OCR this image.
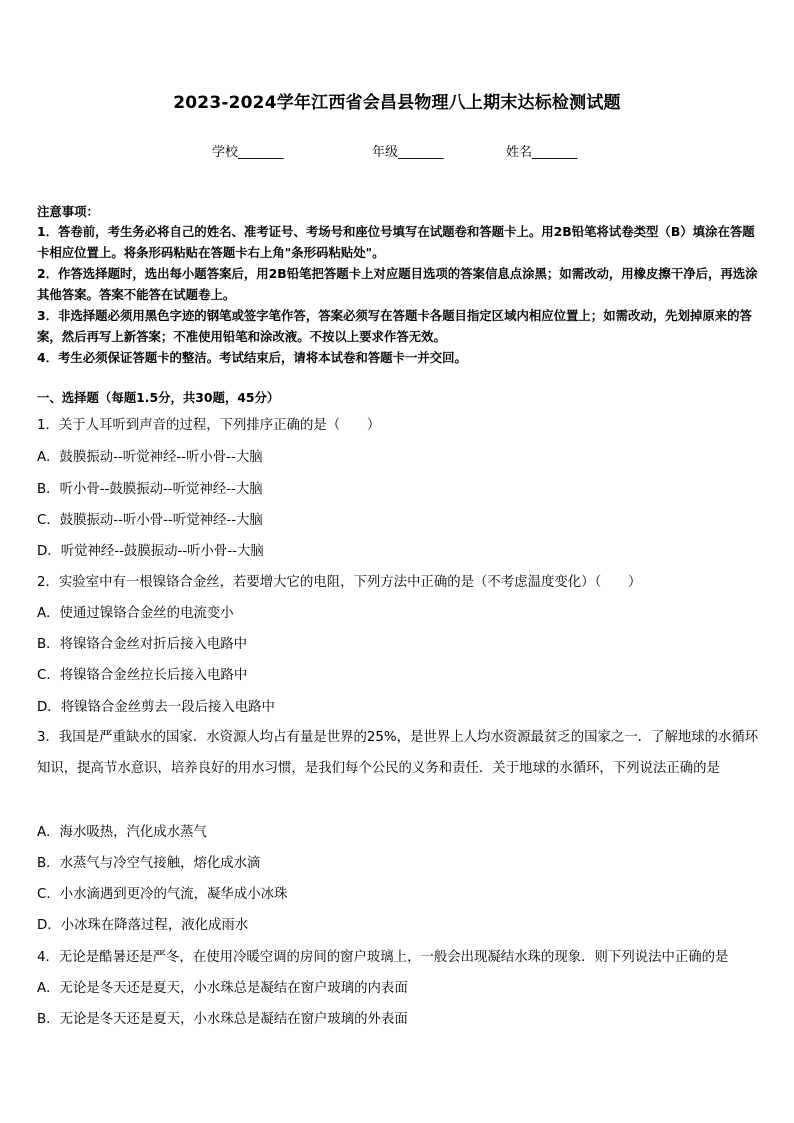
2023-2024学年江西省会昌县物理八上期末达标检测试题
学校_______	年级_______	姓名_______
注意事项：

1．答卷前，考生务必将自己的姓名、准考证号、考场号和座位号填写在试题卷和答题卡上。用2B铅笔将试卷类型（B）填涂在答题卡相应位置上。将条形码粘贴在答题卡右上角"条形码粘贴处"。

2．作答选择题时，选出每小题答案后，用2B铅笔把答题卡上对应题目选项的答案信息点涂黑；如需改动，用橡皮擦干净后，再选涂其他答案。答案不能答在试题卷上。

3．非选择题必须用黑色字迹的钢笔或签字笔作答，答案必须写在答题卡各题目指定区域内相应位置上；如需改动，先划掉原来的答案，然后再写上新答案；不准使用铅笔和涂改液。不按以上要求作答无效。

4．考生必须保证答题卡的整洁。考试结束后，请将本试卷和答题卡一并交回。

一、选择题（每题1.5分，共30题，45分）
1．关于人耳听到声音的过程，下列排序正确的是（　　）
A．鼓膜振动--听觉神经--听小骨--大脑
B．听小骨--鼓膜振动--听觉神经--大脑
C．鼓膜振动--听小骨--听觉神经--大脑
D．听觉神经--鼓膜振动--听小骨--大脑
2．实验室中有一根镍铬合金丝，若要增大它的电阻，下列方法中正确的是（不考虑温度变化）（　　）
A．使通过镍铬合金丝的电流变小
B．将镍铬合金丝对折后接入电路中
C．将镍铬合金丝拉长后接入电路中
D．将镍铬合金丝剪去一段后接入电路中

3．我国是严重缺水的国家．水资源人均占有量是世界的25%，是世界上人均水资源最贫乏的国家之一．了解地球的水循环知识，提高节水意识，培养良好的用水习惯，是我们每个公民的义务和责任．关于地球的水循环，下列说法正确的是

A．海水吸热，汽化成水蒸气
B．水蒸气与冷空气接触，熔化成水滴
C．小水滴遇到更冷的气流，凝华成小冰珠
D．小冰珠在降落过程，液化成雨水
4．无论是酷暑还是严冬，在使用冷暖空调的房间的窗户玻璃上，一般会出现凝结水珠的现象．则下列说法中正确的是
A．无论是冬天还是夏天，小水珠总是凝结在窗户玻璃的内表面
B．无论是冬天还是夏天，小水珠总是凝结在窗户玻璃的外表面
